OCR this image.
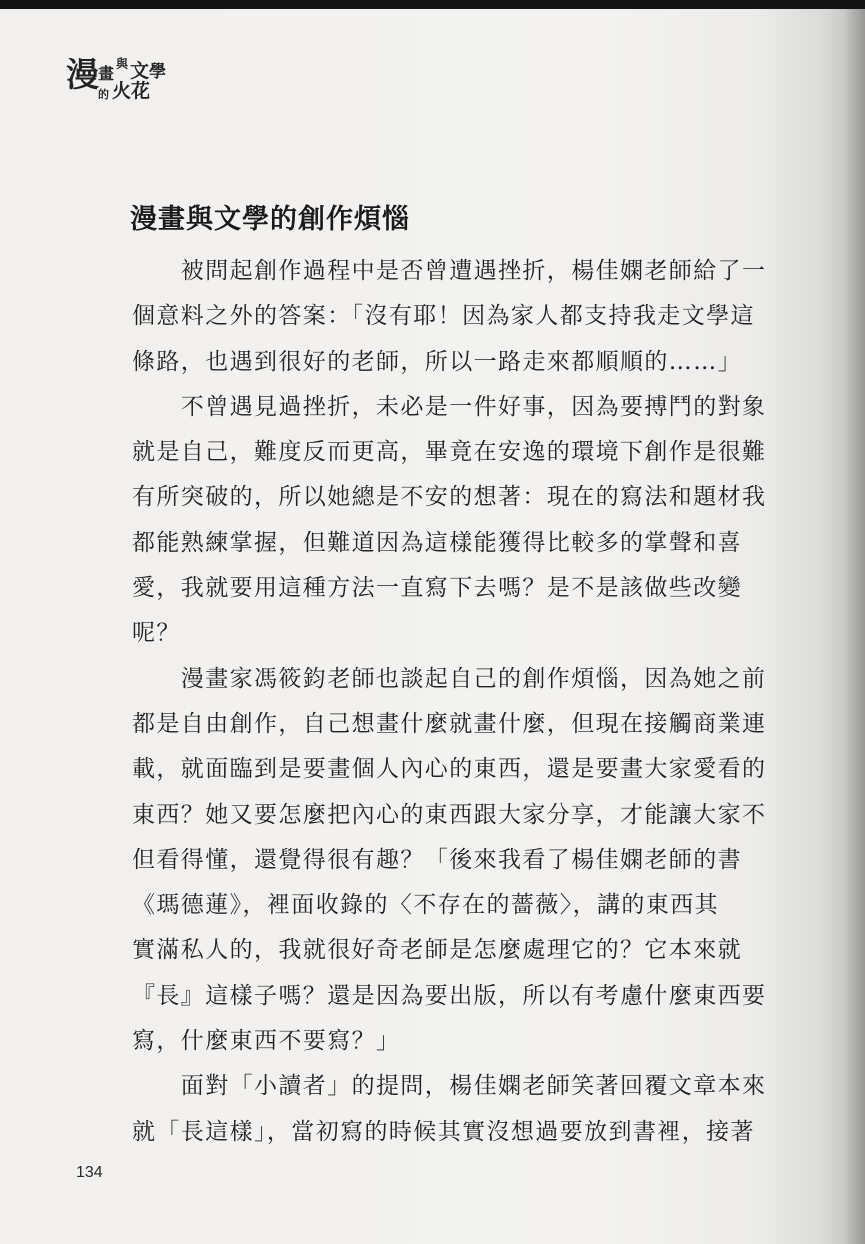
漫 畫 與 文 學
的 火 花
漫畫與文學的創作煩惱
　　被問起創作過程中是否曾遭遇挫折，楊佳嫻老師給了一
個意料之外的答案：「沒有耶！因為家人都支持我走文學這
條路，也遇到很好的老師，所以一路走來都順順的……」
　　不曾遇見過挫折，未必是一件好事，因為要搏鬥的對象
就是自己，難度反而更高，畢竟在安逸的環境下創作是很難
有所突破的，所以她總是不安的想著：現在的寫法和題材我
都能熟練掌握，但難道因為這樣能獲得比較多的掌聲和喜
愛，我就要用這種方法一直寫下去嗎？是不是該做些改變
呢？
　　漫畫家馮筱鈞老師也談起自己的創作煩惱，因為她之前
都是自由創作，自己想畫什麼就畫什麼，但現在接觸商業連
載，就面臨到是要畫個人內心的東西，還是要畫大家愛看的
東西？她又要怎麼把內心的東西跟大家分享，才能讓大家不
但看得懂，還覺得很有趣？「後來我看了楊佳嫻老師的書
《瑪德蓮》，裡面收錄的〈不存在的薔薇〉，講的東西其
實滿私人的，我就很好奇老師是怎麼處理它的？它本來就
『長』這樣子嗎？還是因為要出版，所以有考慮什麼東西要
寫，什麼東西不要寫？」
　　面對「小讀者」的提問，楊佳嫻老師笑著回覆文章本來
就「長這樣」，當初寫的時候其實沒想過要放到書裡，接著
134
